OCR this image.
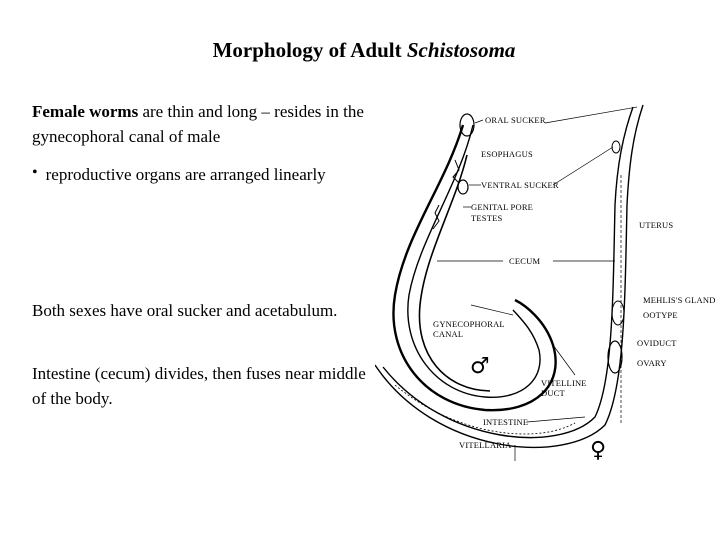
Morphology of Adult Schistosoma
Female worms are thin and long – resides in the gynecophoral canal of male
• reproductive organs are arranged linearly
Both sexes have oral sucker and acetabulum.
Intestine (cecum) divides, then fuses near middle of the body.
ORAL SUCKER
ESOPHAGUS
VENTRAL SUCKER
GENITAL PORE
TESTES
CECUM
GYNECOPHORAL
CANAL
VITELLINE
DUCT
INTESTINE
VITELLARIA
UTERUS
MEHLIS'S GLAND
OOTYPE
OVIDUCT
OVARY
♂
♀
